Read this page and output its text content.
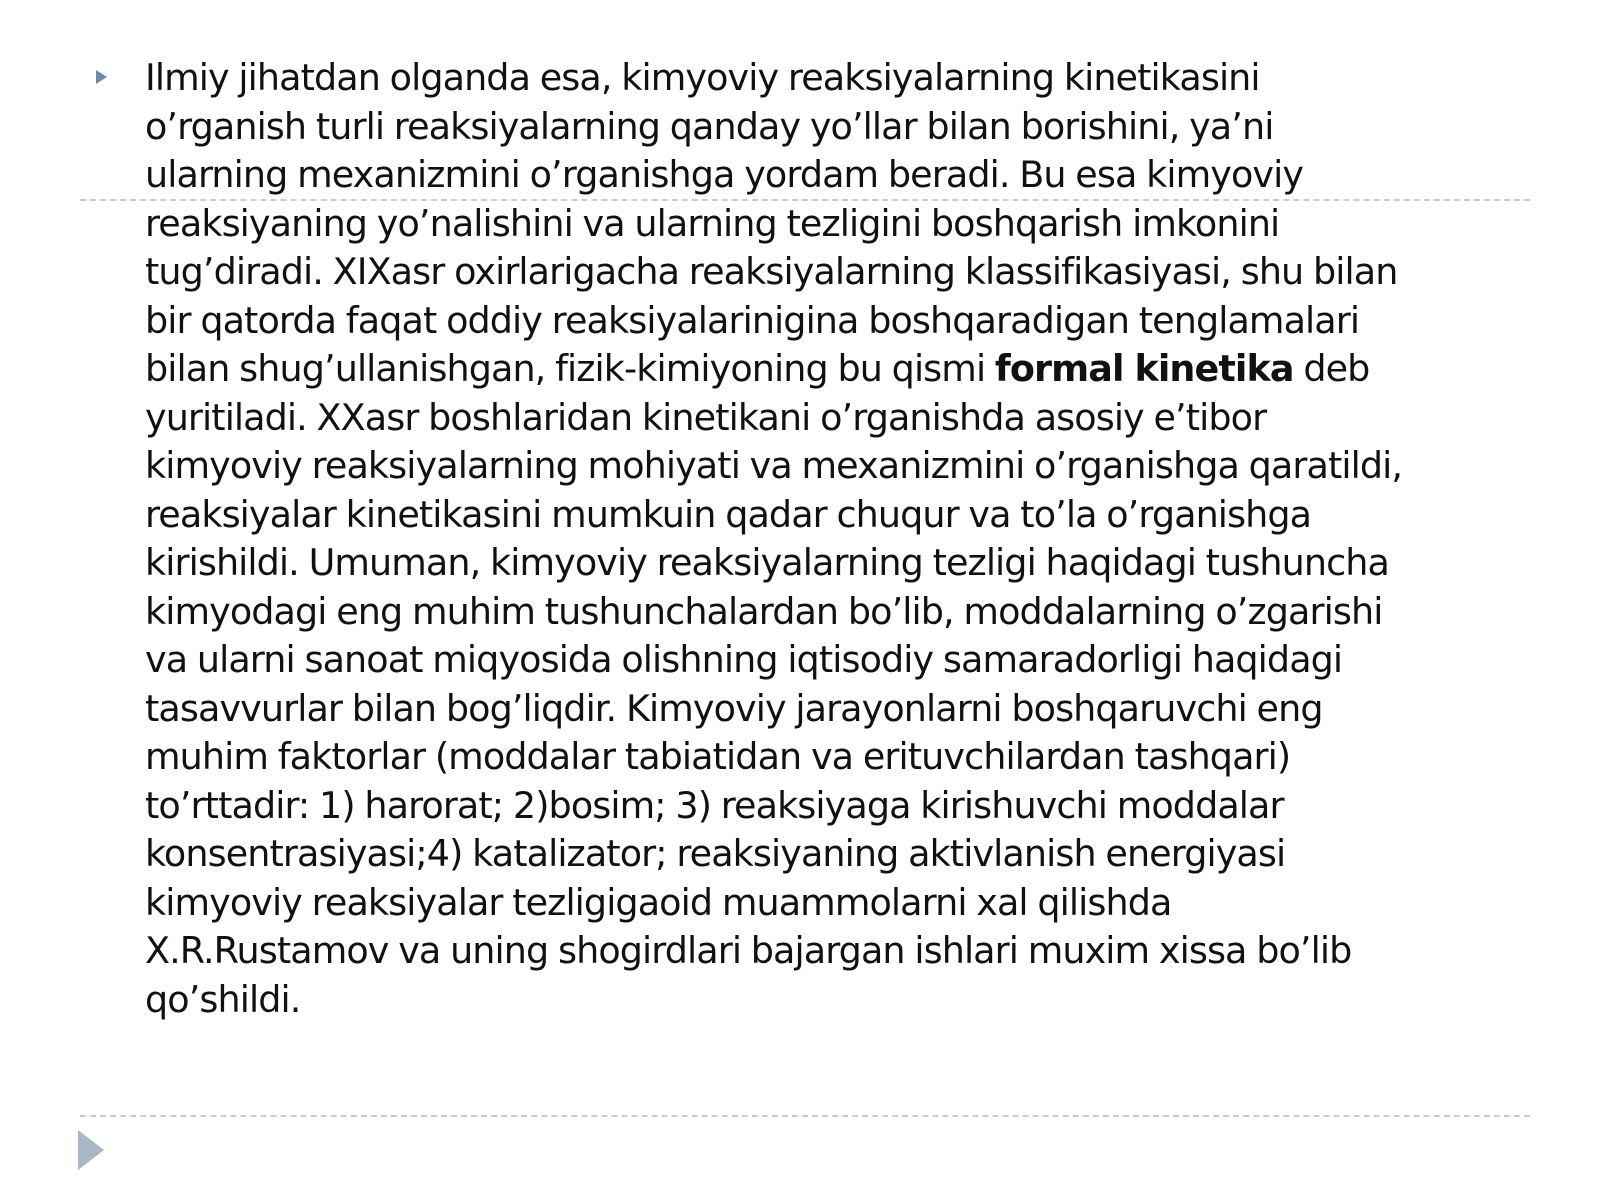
Ilmiy jihatdan olganda esa, kimyoviy reaksiyalarning kinetikasini
o’rganish turli reaksiyalarning qanday yo’llar bilan borishini, ya’ni
ularning mexanizmini o’rganishga yordam beradi. Bu esa kimyoviy
reaksiyaning yo’nalishini va ularning tezligini boshqarish imkonini
tug’diradi. XIXasr oxirlarigacha reaksiyalarning klassifikasiyasi, shu bilan
bir qatorda faqat oddiy reaksiyalarinigina boshqaradigan tenglamalari
bilan shug’ullanishgan, fizik-kimiyoning bu qismi formal kinetika deb
yuritiladi. XXasr boshlaridan kinetikani o’rganishda asosiy e’tibor
kimyoviy reaksiyalarning mohiyati va mexanizmini o’rganishga qaratildi,
reaksiyalar kinetikasini mumkuin qadar chuqur va to’la o’rganishga
kirishildi. Umuman, kimyoviy reaksiyalarning tezligi haqidagi tushuncha
kimyodagi eng muhim tushunchalardan bo’lib, moddalarning o’zgarishi
va ularni sanoat miqyosida olishning iqtisodiy samaradorligi haqidagi
tasavvurlar bilan bog’liqdir. Kimyoviy jarayonlarni boshqaruvchi eng
muhim faktorlar (moddalar tabiatidan va erituvchilardan tashqari)
to’rttadir: 1) harorat; 2)bosim; 3) reaksiyaga kirishuvchi moddalar
konsentrasiyasi;4) katalizator; reaksiyaning aktivlanish energiyasi
kimyoviy reaksiyalar tezligigaoid muammolarni xal qilishda
X.R.Rustamov va uning shogirdlari bajargan ishlari muxim xissa bo’lib
qo’shildi.
